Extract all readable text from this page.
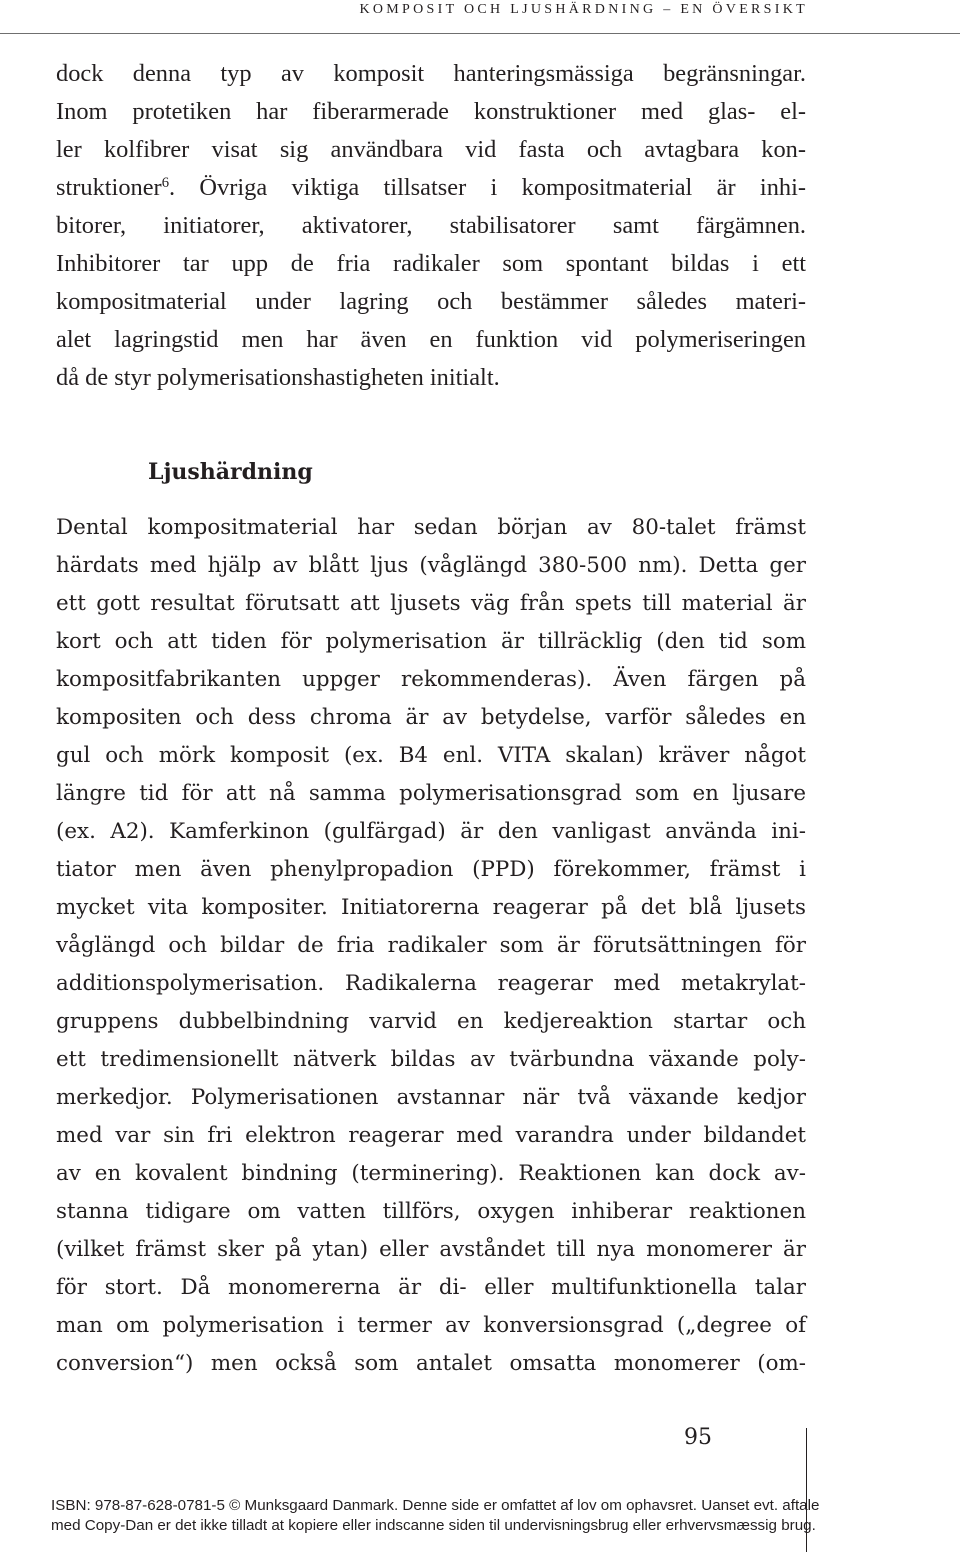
KOMPOSIT OCH LJUSHÄRDNING – EN ÖVERSIKT
dock denna typ av komposit hanteringsmässiga begränsningar.
Inom protetiken har fiberarmerade konstruktioner med glas- el-
ler kolfibrer visat sig användbara vid fasta och avtagbara kon-
struktioner$^6$. Övriga viktiga tillsatser i kompositmaterial är inhi-
bitorer, initiatorer, aktivatorer, stabilisatorer samt färgämnen.
Inhibitorer tar upp de fria radikaler som spontant bildas i ett
kompositmaterial under lagring och bestämmer således materi-
alet lagringstid men har även en funktion vid polymeriseringen
då de styr polymerisationshastigheten initialt.
Ljushärdning
Dental kompositmaterial har sedan början av 80-talet främst
härdats med hjälp av blått ljus (våglängd 380-500 nm). Detta ger
ett gott resultat förutsatt att ljusets väg från spets till material är
kort och att tiden för polymerisation är tillräcklig (den tid som
kompositfabrikanten uppger rekommenderas). Även färgen på
kompositen och dess chroma är av betydelse, varför således en
gul och mörk komposit (ex. B4 enl. VITA skalan) kräver något
längre tid för att nå samma polymerisationsgrad som en ljusare
(ex. A2). Kamferkinon (gulfärgad) är den vanligast använda ini-
tiator men även phenylpropadion (PPD) förekommer, främst i
mycket vita kompositer. Initiatorerna reagerar på det blå ljusets
våglängd och bildar de fria radikaler som är förutsättningen för
additionspolymerisation. Radikalerna reagerar med metakrylat-
gruppens dubbelbindning varvid en kedjereaktion startar och
ett tredimensionellt nätverk bildas av tvärbundna växande poly-
merkedjor. Polymerisationen avstannar när två växande kedjor
med var sin fri elektron reagerar med varandra under bildandet
av en kovalent bindning (terminering). Reaktionen kan dock av-
stanna tidigare om vatten tillförs, oxygen inhiberar reaktionen
(vilket främst sker på ytan) eller avståndet till nya monomerer är
för stort. Då monomererna är di- eller multifunktionella talar
man om polymerisation i termer av konversionsgrad („degree of
conversion“) men också som antalet omsatta monomerer (om-
95
ISBN: 978-87-628-0781-5 © Munksgaard Danmark. Denne side er omfattet af lov om ophavsret. Uanset evt. aftale
med Copy-Dan er det ikke tilladt at kopiere eller indscanne siden til undervisningsbrug eller erhvervsmæssig brug.
